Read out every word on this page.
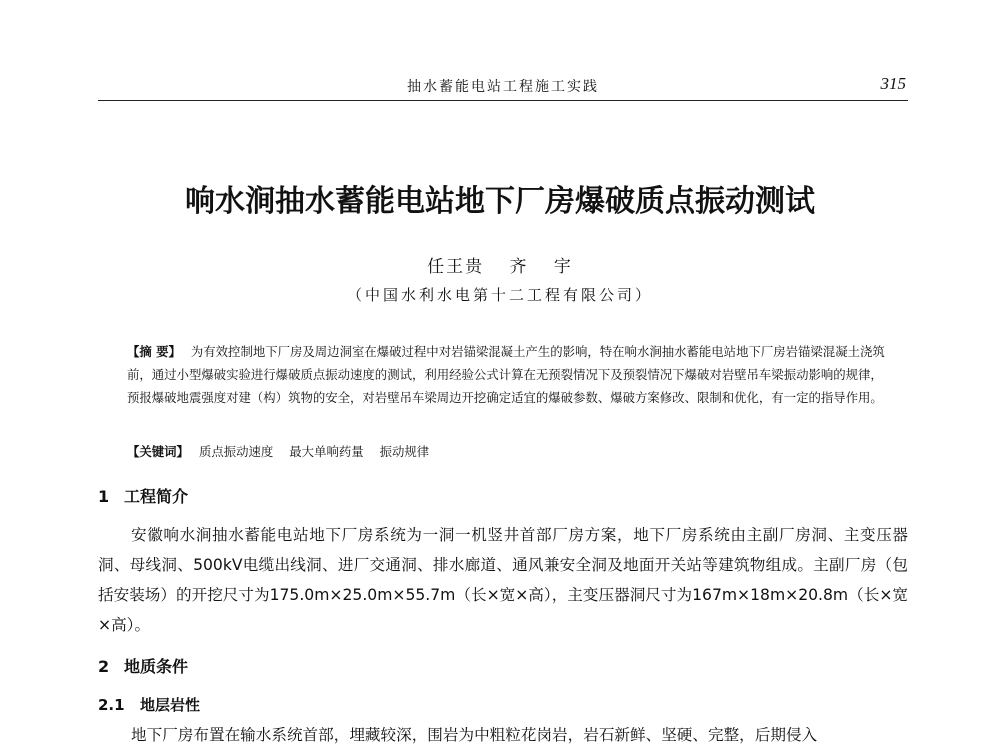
抽水蓄能电站工程施工实践	315
响水涧抽水蓄能电站地下厂房爆破质点振动测试
任王贵 齐 宇
（中国水利水电第十二工程有限公司）

【摘 要】 为有效控制地下厂房及周边洞室在爆破过程中对岩锚梁混凝土产生的影响，特在响水涧抽水蓄能电站地下厂房岩锚梁混凝土浇筑前，通过小型爆破实验进行爆破质点振动速度的测试，利用经验公式计算在无预裂情况下及预裂情况下爆破对岩壁吊车梁振动影响的规律，预报爆破地震强度对建（构）筑物的安全，对岩壁吊车梁周边开挖确定适宜的爆破参数、爆破方案修改、限制和优化，有一定的指导作用。

【关键词】 质点振动速度 最大单响药量 振动规律
1 工程简介

安徽响水涧抽水蓄能电站地下厂房系统为一洞一机竖井首部厂房方案，地下厂房系统由主副厂房洞、主变压器洞、母线洞、500kV电缆出线洞、进厂交通洞、排水廊道、通风兼安全洞及地面开关站等建筑物组成。主副厂房（包括安装场）的开挖尺寸为175.0m×25.0m×55.7m（长×宽×高），主变压器洞尺寸为167m×18m×20.8m（长×宽×高）。

2 地质条件
2.1 地层岩性

地下厂房布置在输水系统首部，埋藏较深，围岩为中粗粒花岗岩，岩石新鲜、坚硬、完整，后期侵入
